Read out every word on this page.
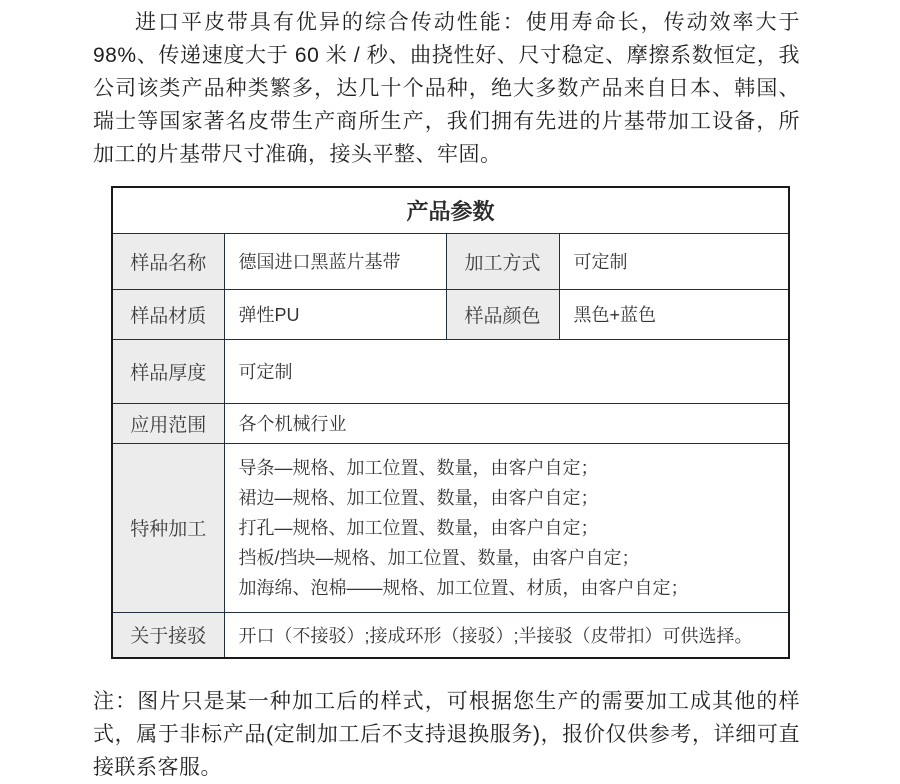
进口平皮带具有优异的综合传动性能：使用寿命长，传动效率大于 98%、传递速度大于 60 米 / 秒、曲挠性好、尺寸稳定、摩擦系数恒定，我公司该类产品种类繁多，达几十个品种，绝大多数产品来自日本、韩国、瑞士等国家著名皮带生产商所生产，我们拥有先进的片基带加工设备，所加工的片基带尺寸准确，接头平整、牢固。

产品参数			
样品名称	德国进口黑蓝片基带	加工方式	可定制
样品材质	弹性PU	样品颜色	黑色+蓝色
样品厚度	可定制		
应用范围	各个机械行业		
特种加工	导条—规格、加工位置、数量，由客户自定；
裙边—规格、加工位置、数量，由客户自定；
打孔—规格、加工位置、数量，由客户自定；
挡板/挡块—规格、加工位置、数量，由客户自定；
加海绵、泡棉——规格、加工位置、材质，由客户自定；		

关于接驳	开口（不接驳）;接成环形（接驳）;半接驳（皮带扣）可供选择。		

注：图片只是某一种加工后的样式，可根据您生产的需要加工成其他的样式，属于非标产品(定制加工后不支持退换服务)，报价仅供参考，详细可直接联系客服。
